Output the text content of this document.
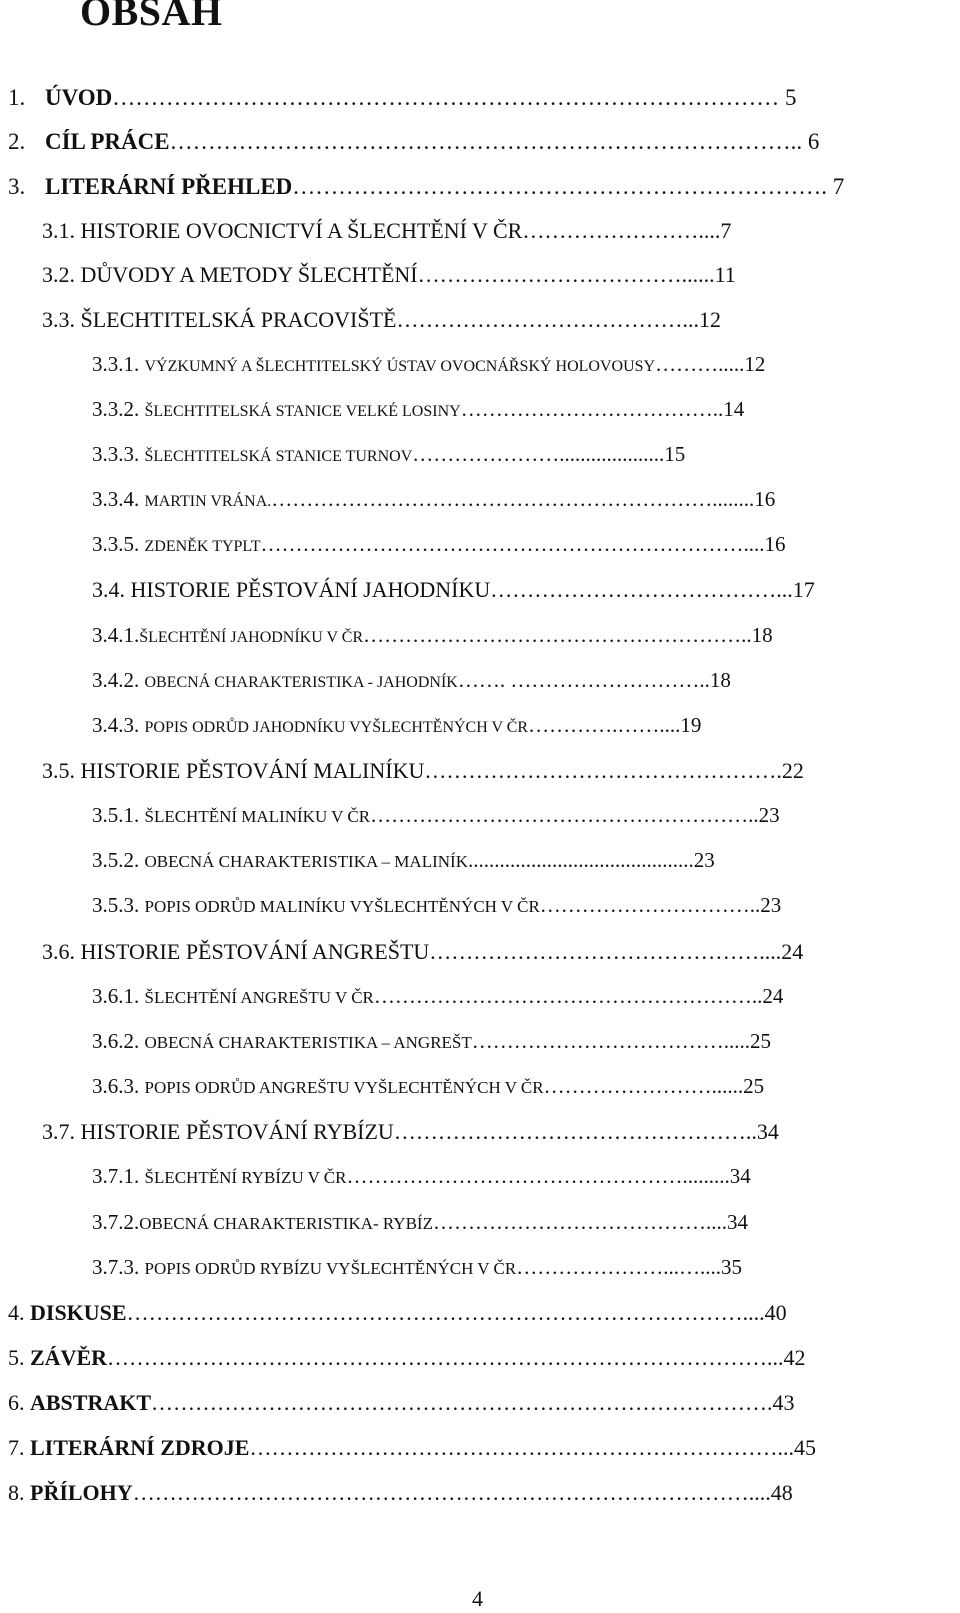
OBSAH
1. ÚVOD…………………………………………………………………………… 5
2. CÍL PRÁCE……………………………………………………………………….. 6
3. LITERÁRNÍ PŘEHLED……………………………………………………………. 7
3.1. HISTORIE OVOCNICTVÍ A ŠLECHTĚNÍ V ČR……………………....7
3.2. DŮVODY A METODY ŠLECHTĚNÍ………………………………......11
3.3. ŠLECHTITELSKÁ PRACOVIŠTĚ…………………………………...12
3.3.1. VÝZKUMNÝ A ŠLECHTITELSKÝ ÚSTAV OVOCNÁŘSKÝ HOLOVOUSY……….....12
3.3.2. ŠLECHTITELSKÁ STANICE VELKÉ LOSINY………………………………..14
3.3.3. ŠLECHTITELSKÁ STANICE TURNOV…………………....................15
3.3.4. MARTIN VRÁNA.………………………………………………………........16
3.3.5. ZDENĚK TYPLT……………………………………………………………....16
3.4. HISTORIE PĚSTOVÁNÍ JAHODNÍKU…………………………………...17
3.4.1.ŠLECHTĚNÍ JAHODNÍKU V ČR………………………………………………..18
3.4.2. OBECNÁ CHARAKTERISTIKA - JAHODNÍK……. ………………………..18
3.4.3. POPIS ODRŮD JAHODNÍKU VYŠLECHTĚNÝCH V ČR………….……....19
3.5. HISTORIE PĚSTOVÁNÍ MALINÍKU………………………………………….22
3.5.1. ŠLECHTĚNÍ MALINÍKU V ČR………………………………………………..23
3.5.2. OBECNÁ CHARAKTERISTIKA – MALINÍK...........................................23
3.5.3. POPIS ODRŮD MALINÍKU VYŠLECHTĚNÝCH V ČR…………………………..23
3.6. HISTORIE PĚSTOVÁNÍ ANGREŠTU………………………………………....24
3.6.1. ŠLECHTĚNÍ ANGREŠTU V ČR………………………………………………..24
3.6.2. OBECNÁ CHARAKTERISTIKA – ANGREŠT……………………………….....25
3.6.3. POPIS ODRŮD ANGREŠTU VYŠLECHTĚNÝCH V ČR……………………......25
3.7. HISTORIE PĚSTOVÁNÍ RYBÍZU…………………………………………..34
3.7.1. ŠLECHTĚNÍ RYBÍZU V ČR………………………………………….........34
3.7.2.OBECNÁ CHARAKTERISTIKA- RYBÍZ…………………………………....34
3.7.3. POPIS ODRŮD RYBÍZU VYŠLECHTĚNÝCH V ČR…………………...…....35
4. DISKUSE…………………………………………………………………………....40
5. ZÁVĚR………………………………………………………………………………...42
6. ABSTRAKT………………………………………………………………………….43
7. LITERÁRNÍ ZDROJE………………………………………………………………...45
8. PŘÍLOHY…………………………………………………………………………....48
4
